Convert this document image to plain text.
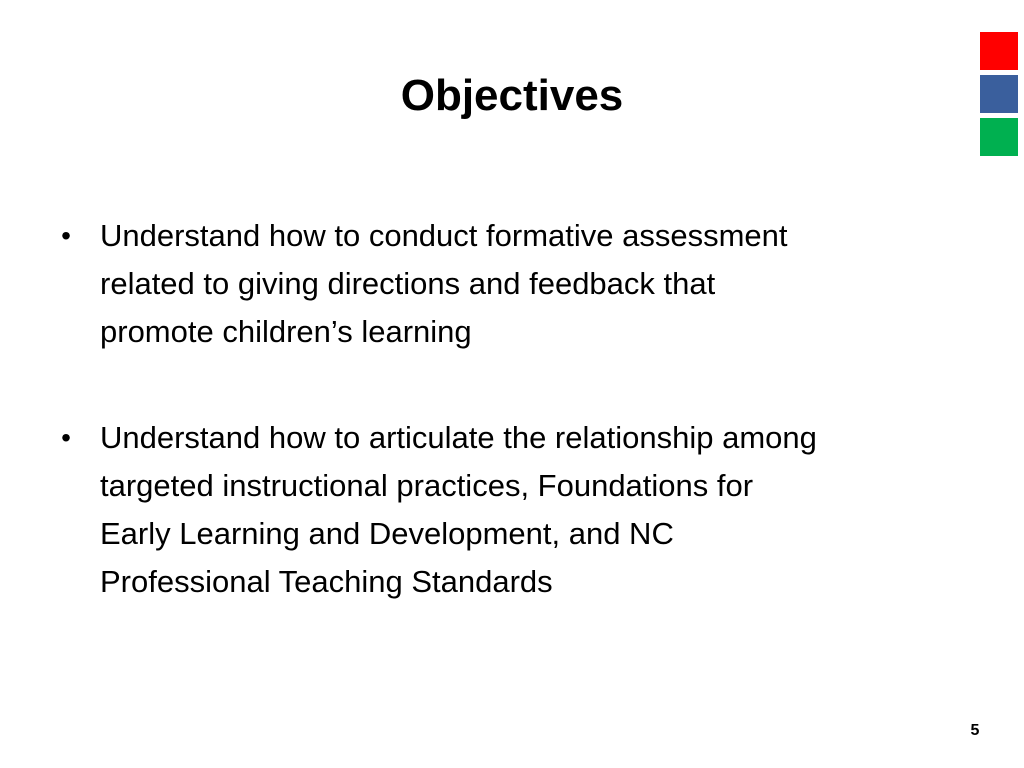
Objectives
• Understand how to conduct formative assessment
related to giving directions and feedback that
promote children’s learning
• Understand how to articulate the relationship among
targeted instructional practices, Foundations for
Early Learning and Development, and NC
Professional Teaching Standards
5
